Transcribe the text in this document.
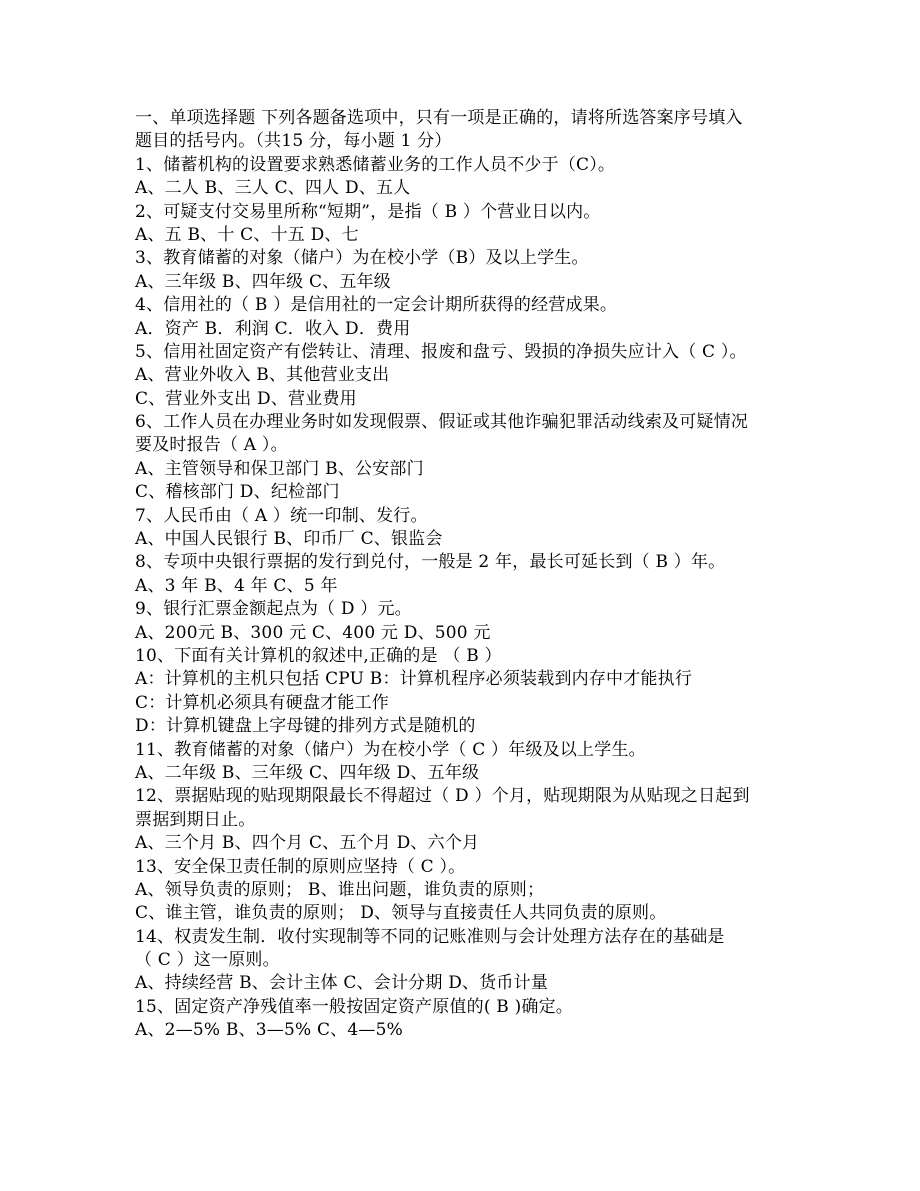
一、单项选择题 下列各题备选项中，只有一项是正确的，请将所选答案序号填入
题目的括号内。（共15 分，每小题 1 分）
1、储蓄机构的设置要求熟悉储蓄业务的工作人员不少于（C）。
A、二人 B、三人 C、四人 D、五人
2、可疑支付交易里所称“短期”，是指（ B ）个营业日以内。
A、五 B、十 C、十五 D、七
3、教育储蓄的对象（储户）为在校小学（B）及以上学生。
A、三年级 B、四年级 C、五年级
4、信用社的（ B ）是信用社的一定会计期所获得的经营成果。
A．资产 B．利润 C．收入 D．费用
5、信用社固定资产有偿转让、清理、报废和盘亏、毁损的净损失应计入（ C ）。
A、营业外收入 B、其他营业支出
C、营业外支出 D、营业费用
6、工作人员在办理业务时如发现假票、假证或其他诈骗犯罪活动线索及可疑情况
要及时报告（ A ）。
A、主管领导和保卫部门 B、公安部门
C、稽核部门 D、纪检部门
7、人民币由（ A ）统一印制、发行。
A、中国人民银行 B、印币厂 C、银监会
8、专项中央银行票据的发行到兑付，一般是 2 年，最长可延长到（ B ）年。
A、3 年 B、4 年 C、5 年
9、银行汇票金额起点为（ D ）元。
A、200元 B、300 元 C、400 元 D、500 元
10、下面有关计算机的叙述中,正确的是 （ B ）
A：计算机的主机只包括 CPU B：计算机程序必须装载到内存中才能执行
C：计算机必须具有硬盘才能工作
D：计算机键盘上字母键的排列方式是随机的
11、教育储蓄的对象（储户）为在校小学（ C ）年级及以上学生。
A、二年级 B、三年级 C、四年级 D、五年级
12、票据贴现的贴现期限最长不得超过（ D ）个月，贴现期限为从贴现之日起到
票据到期日止。
A、三个月 B、四个月 C、五个月 D、六个月
13、安全保卫责任制的原则应坚持（ C ）。
A、领导负责的原则； B、谁出问题，谁负责的原则；
C、谁主管，谁负责的原则； D、领导与直接责任人共同负责的原则。
14、权责发生制．收付实现制等不同的记账准则与会计处理方法存在的基础是
（ C ）这一原则。
A、持续经营 B、会计主体 C、会计分期 D、货币计量
15、固定资产净残值率一般按固定资产原值的( B )确定。
A、2—5% B、3—5% C、4—5%
